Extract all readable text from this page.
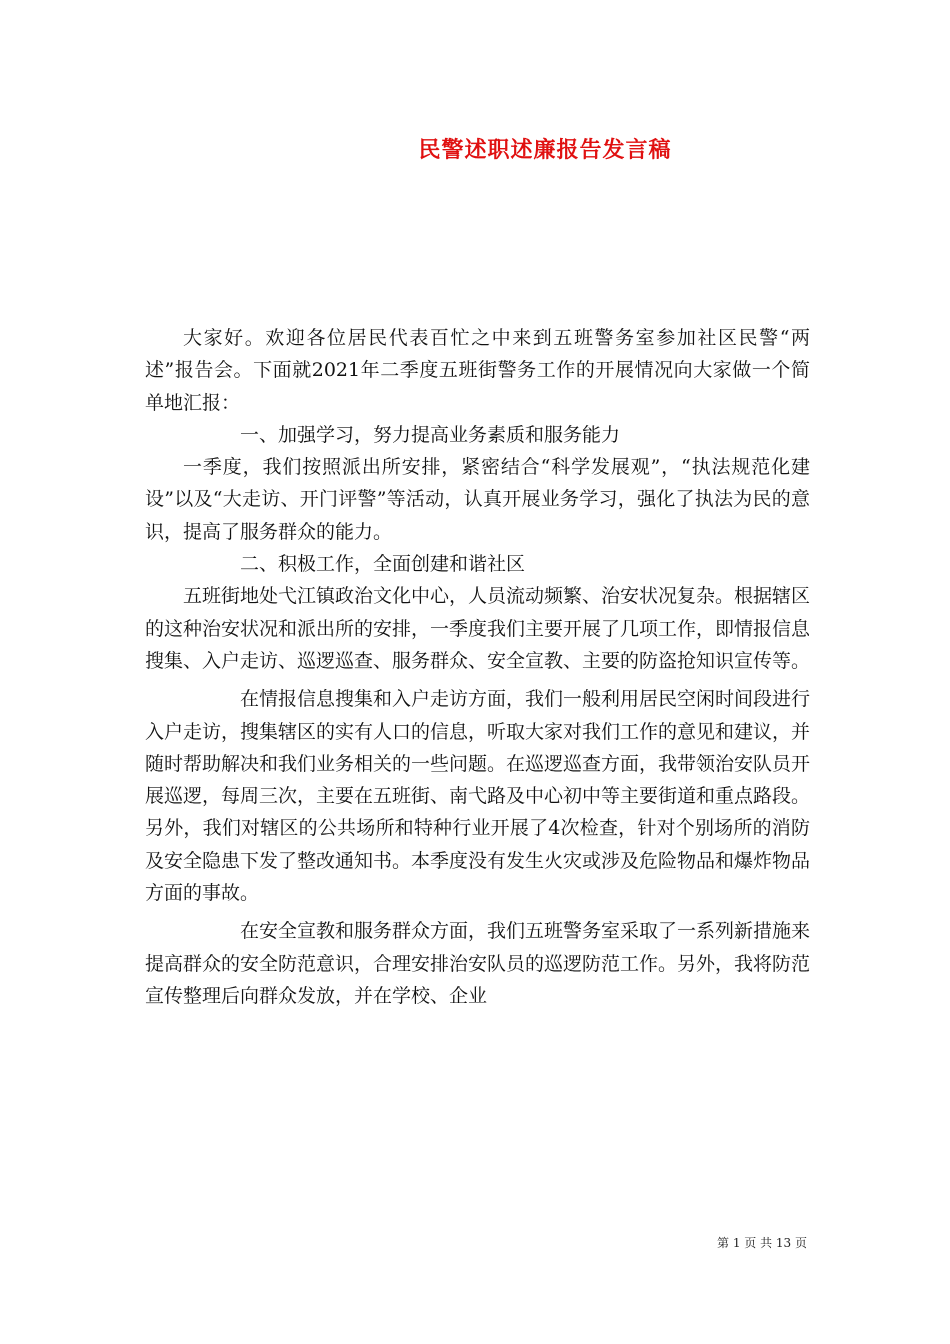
民警述职述廉报告发言稿

大家好。欢迎各位居民代表百忙之中来到五班警务室参加社区民警“两述”报告会。下面就2021年二季度五班街警务工作的开展情况向大家做一个简单地汇报：

一、加强学习，努力提高业务素质和服务能力

一季度，我们按照派出所安排，紧密结合“科学发展观”，“执法规范化建设”以及“大走访、开门评警”等活动，认真开展业务学习，强化了执法为民的意识，提高了服务群众的能力。

二、积极工作，全面创建和谐社区

五班街地处弋江镇政治文化中心，人员流动频繁、治安状况复杂。根据辖区的这种治安状况和派出所的安排，一季度我们主要开展了几项工作，即情报信息搜集、入户走访、巡逻巡查、服务群众、安全宣教、主要的防盗抢知识宣传等。

在情报信息搜集和入户走访方面，我们一般利用居民空闲时间段进行入户走访，搜集辖区的实有人口的信息，听取大家对我们工作的意见和建议，并随时帮助解决和我们业务相关的一些问题。在巡逻巡查方面，我带领治安队员开展巡逻，每周三次，主要在五班街、南弋路及中心初中等主要街道和重点路段。另外，我们对辖区的公共场所和特种行业开展了4次检查，针对个别场所的消防及安全隐患下发了整改通知书。本季度没有发生火灾或涉及危险物品和爆炸物品方面的事故。

在安全宣教和服务群众方面，我们五班警务室采取了一系列新措施来提高群众的安全防范意识，合理安排治安队员的巡逻防范工作。另外，我将防范宣传整理后向群众发放，并在学校、企业

第 1 页 共 13 页
